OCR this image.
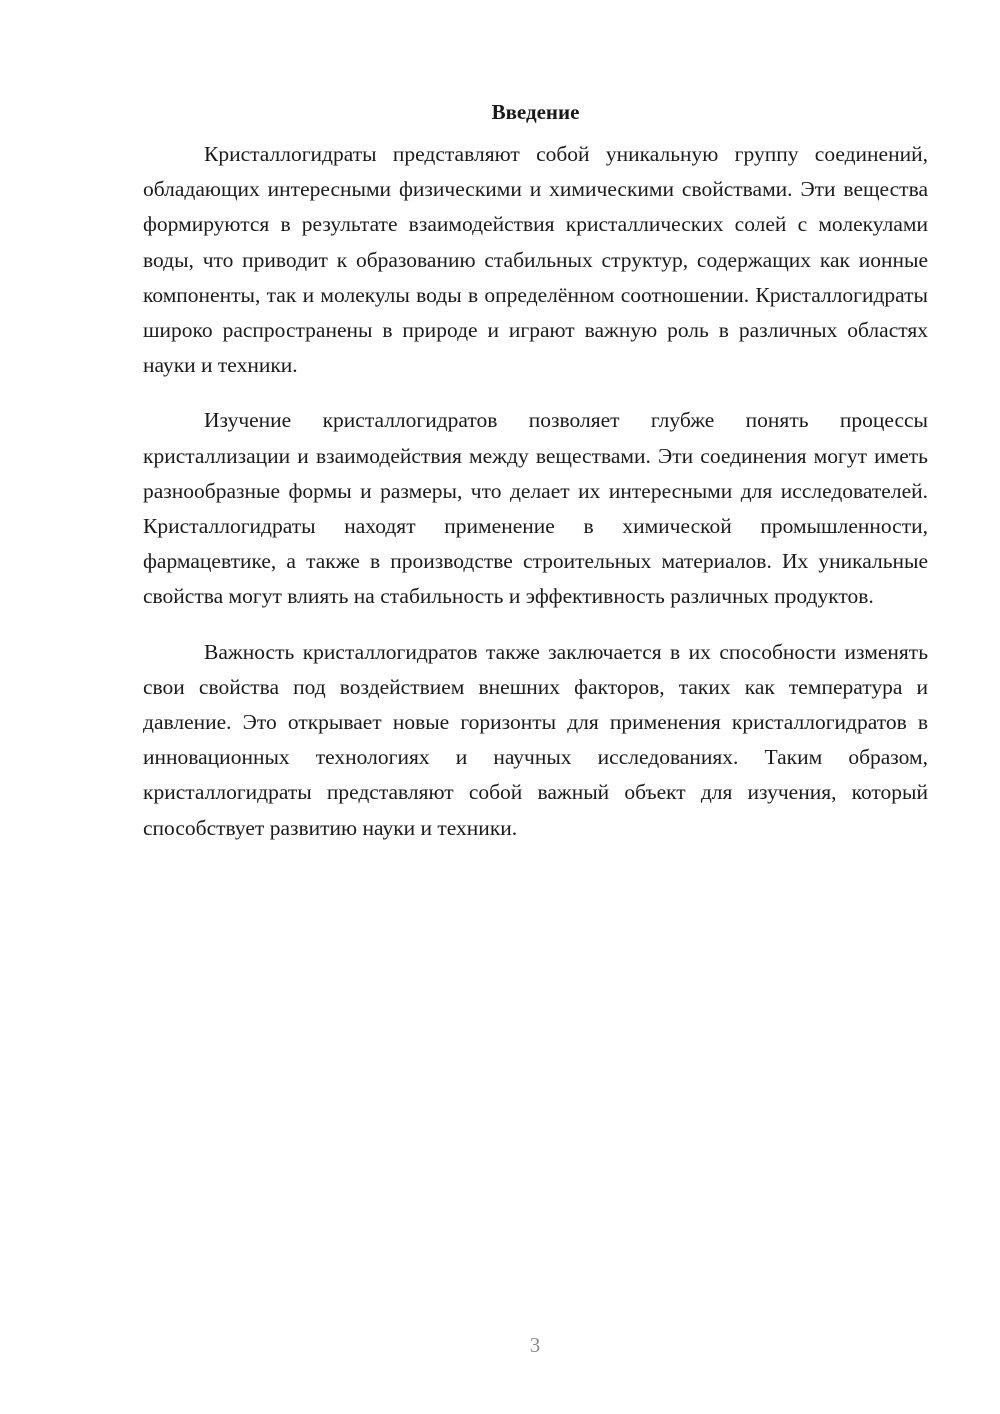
Введение

Кристаллогидраты представляют собой уникальную группу соединений, обладающих интересными физическими и химическими свойствами. Эти вещества формируются в результате взаимодействия кристаллических солей с молекулами воды, что приводит к образованию стабильных структур, содержащих как ионные компоненты, так и молекулы воды в определённом соотношении. Кристаллогидраты широко распространены в природе и играют важную роль в различных областях науки и техники.

Изучение кристаллогидратов позволяет глубже понять процессы кристаллизации и взаимодействия между веществами. Эти соединения могут иметь разнообразные формы и размеры, что делает их интересными для исследователей. Кристаллогидраты находят применение в химической промышленности, фармацевтике, а также в производстве строительных материалов. Их уникальные свойства могут влиять на стабильность и эффективность различных продуктов.

Важность кристаллогидратов также заключается в их способности изменять свои свойства под воздействием внешних факторов, таких как температура и давление. Это открывает новые горизонты для применения кристаллогидратов в инновационных технологиях и научных исследованиях. Таким образом, кристаллогидраты представляют собой важный объект для изучения, который способствует развитию науки и техники.

3
